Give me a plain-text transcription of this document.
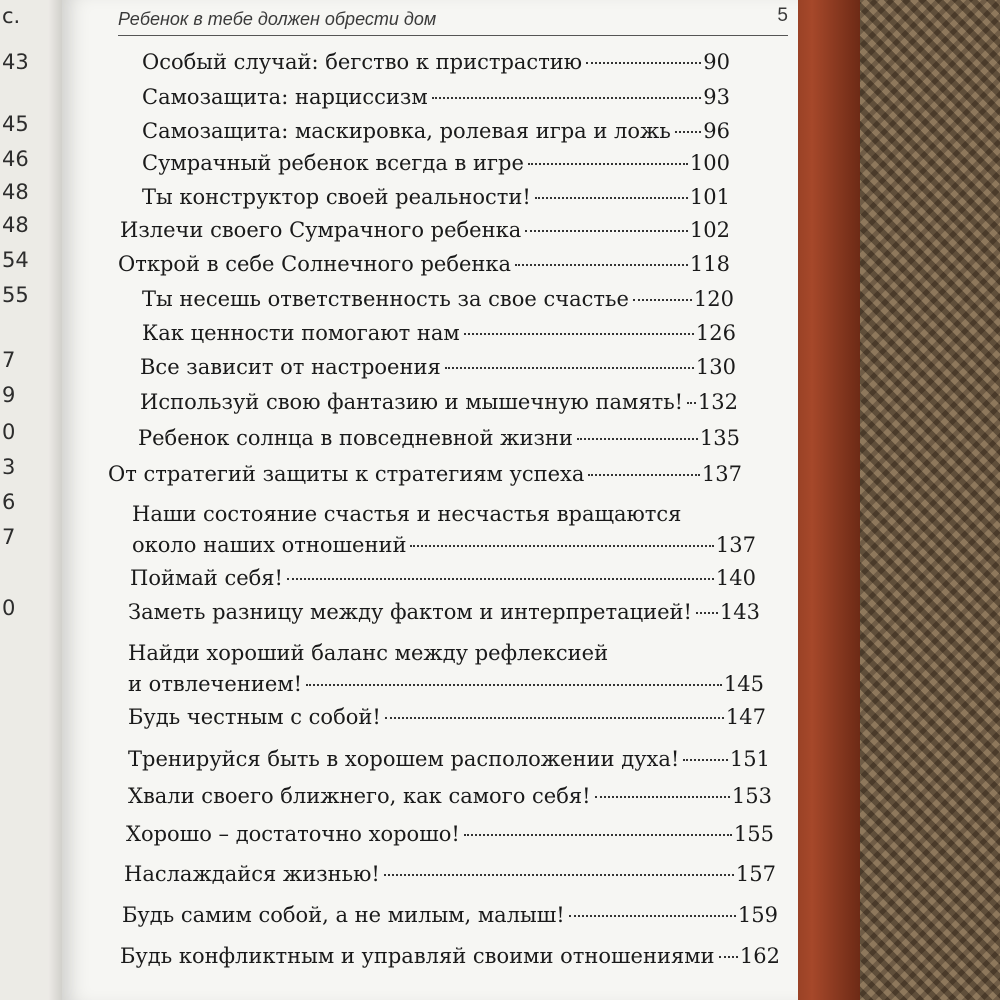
с.
43
45
46
48
48
54
55
7
9
0
3
6
7
0
Ребенок в тебе должен обрести дом	5
Особый случай: бегство к пристрастию	90
Самозащита: нарциссизм	93
Самозащита: маскировка, ролевая игра и ложь 96
Сумрачный ребенок всегда в игре	100
Ты конструктор своей реальности!	101
Излечи своего Сумрачного ребенка	102
Открой в себе Солнечного ребенка	118
Ты несешь ответственность за свое счастье	120
Как ценности помогают нам	126
Все зависит от настроения	130
Используй свою фантазию и мышечную память! 132
Ребенок солнца в повседневной жизни	135
От стратегий защиты к стратегиям успеха	137
Наши состояние счастья и несчастья вращаются
около наших отношений	137
Поймай себя!	140
Заметь разницу между фактом и интерпретацией! 143
Найди хороший баланс между рефлексией
и отвлечением!	145
Будь честным с собой!	147
Тренируйся быть в хорошем расположении духа! 151
Хвали своего ближнего, как самого себя!	153
Хорошо – достаточно хорошо!	155
Наслаждайся жизнью!	157
Будь самим собой, а не милым, малыш!	159
Будь конфликтным и управляй своими отношениями 162
